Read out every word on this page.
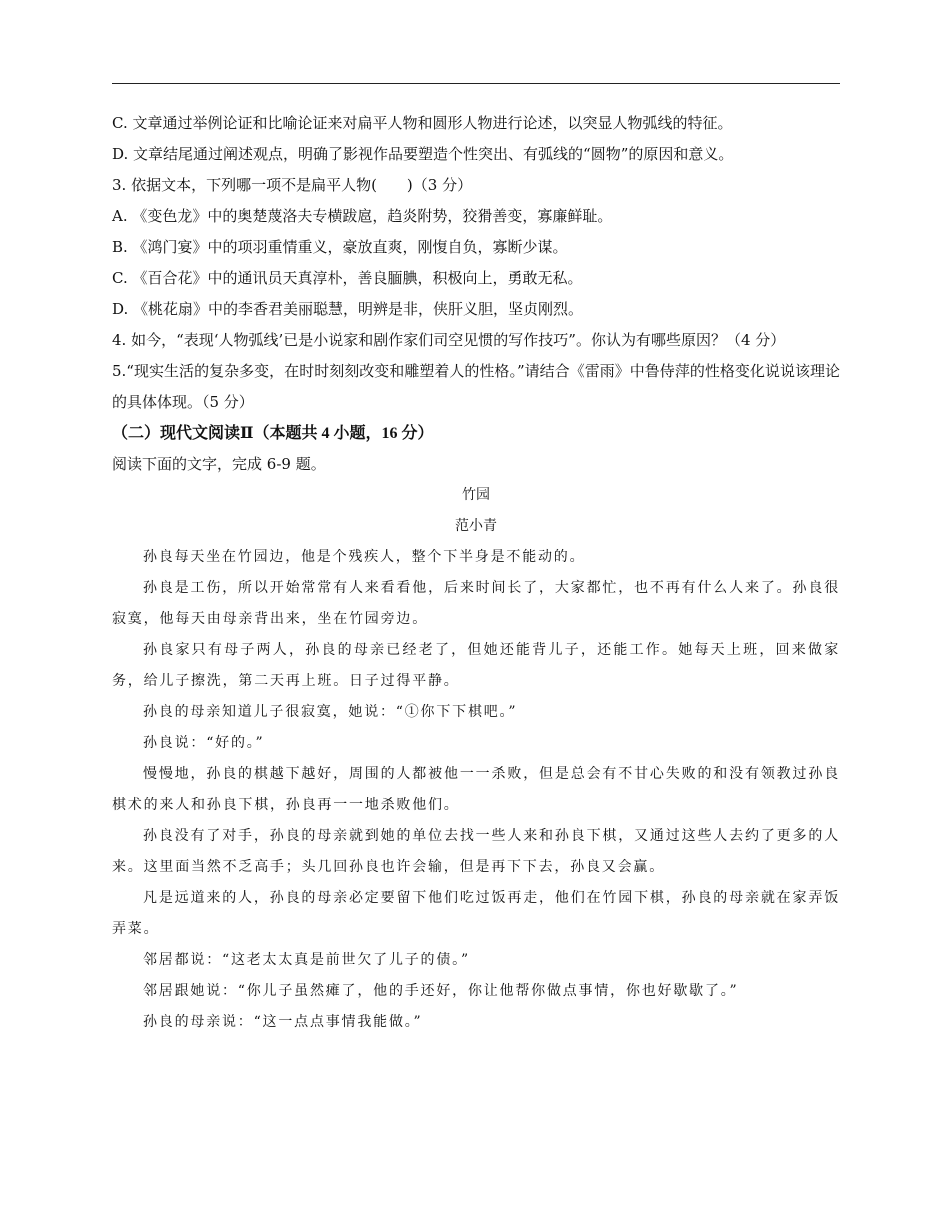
C. 文章通过举例论证和比喻论证来对扁平人物和圆形人物进行论述，以突显人物弧线的特征。

D. 文章结尾通过阐述观点，明确了影视作品要塑造个性突出、有弧线的“圆物”的原因和意义。

3. 依据文本，下列哪一项不是扁平人物(　　)（3 分）

A. 《变色龙》中的奥楚蔑洛夫专横跋扈，趋炎附势，狡猾善变，寡廉鲜耻。

B. 《鸿门宴》中的项羽重情重义，豪放直爽，刚愎自负，寡断少谋。

C. 《百合花》中的通讯员天真淳朴，善良腼腆，积极向上，勇敢无私。

D. 《桃花扇》中的李香君美丽聪慧，明辨是非，侠肝义胆，坚贞刚烈。

4. 如今，“表现‘人物弧线’已是小说家和剧作家们司空见惯的写作技巧”。你认为有哪些原因？（4 分）

5.“现实生活的复杂多变，在时时刻刻改变和雕塑着人的性格。”请结合《雷雨》中鲁侍萍的性格变化说说该理论的具体体现。（5 分）

（二）现代文阅读Ⅱ（本题共 4 小题，16 分）

阅读下面的文字，完成 6-9 题。

竹园

范小青

孙良每天坐在竹园边，他是个残疾人，整个下半身是不能动的。

孙良是工伤，所以开始常常有人来看看他，后来时间长了，大家都忙，也不再有什么人来了。孙良很寂寞，他每天由母亲背出来，坐在竹园旁边。

孙良家只有母子两人，孙良的母亲已经老了，但她还能背儿子，还能工作。她每天上班，回来做家务，给儿子擦洗，第二天再上班。日子过得平静。

孙良的母亲知道儿子很寂寞，她说：“①你下下棋吧。”

孙良说：“好的。”

慢慢地，孙良的棋越下越好，周围的人都被他一一杀败，但是总会有不甘心失败的和没有领教过孙良棋术的来人和孙良下棋，孙良再一一地杀败他们。

孙良没有了对手，孙良的母亲就到她的单位去找一些人来和孙良下棋，又通过这些人去约了更多的人来。这里面当然不乏高手；头几回孙良也许会输，但是再下下去，孙良又会赢。

凡是远道来的人，孙良的母亲必定要留下他们吃过饭再走，他们在竹园下棋，孙良的母亲就在家弄饭弄菜。

邻居都说：“这老太太真是前世欠了儿子的债。”

邻居跟她说：“你儿子虽然瘫了，他的手还好，你让他帮你做点事情，你也好歇歇了。”

孙良的母亲说：“这一点点事情我能做。”
